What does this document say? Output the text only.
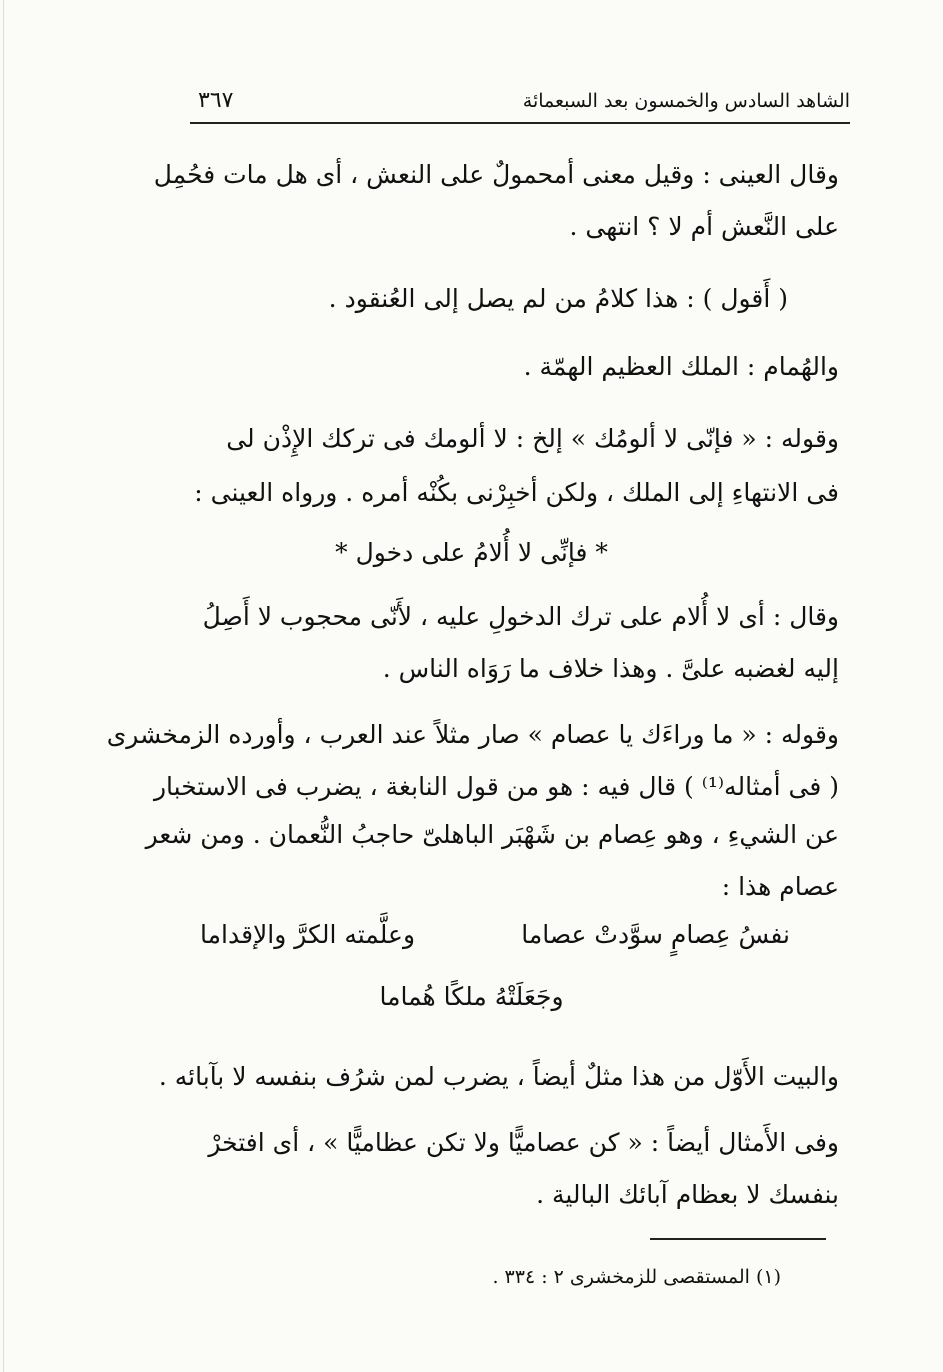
٣٦٧	الشاهد السادس والخمسون بعد السبعمائة
وقال العينى : وقيل معنى أمحمولٌ على النعش ، أى هل مات فحُمِل
على النَّعش أم لا ؟ انتهى .
( أَقول ) : هذا كلامُ من لم يصل إلى العُنقود .
والهُمام : الملك العظيم الهمّة .
وقوله : « فإنّى لا ألومُك » إلخ : لا ألومك فى تركك الإِذْن لى
فى الانتهاءِ إلى الملك ، ولكن أخبِرْنى بكُنْه أمره . ورواه العينى :
* فإنِّى لا أُلامُ على دخول *
وقال : أى لا أُلام على ترك الدخولِ عليه ، لأَنّى محجوب لا أَصِلُ
إليه لغضبه علىَّ . وهذا خلاف ما رَوَاه الناس .
وقوله : « ما وراءَك يا عصام » صار مثلاً عند العرب ، وأورده الزمخشرى
( فى أمثاله⁽¹⁾ ) قال فيه : هو من قول النابغة ، يضرب فى الاستخبار
عن الشيءِ ، وهو عِصام بن شَهْبَر الباهلىّ حاجبُ النُّعمان . ومن شعر
عصام هذا :
نفسُ عِصامٍ سوَّدتْ عصاما
وعلَّمته الكرَّ والإقداما
وجَعَلَتْهُ ملكًا هُماما
والبيت الأَوّل من هذا مثلٌ أيضاً ، يضرب لمن شرُف بنفسه لا بآبائه .
وفى الأَمثال أيضاً : « كن عصاميًّا ولا تكن عظاميًّا » ، أى افتخرْ
بنفسك لا بعظام آبائك البالية .
(١) المستقصى للزمخشرى ٢ : ٣٣٤ .
